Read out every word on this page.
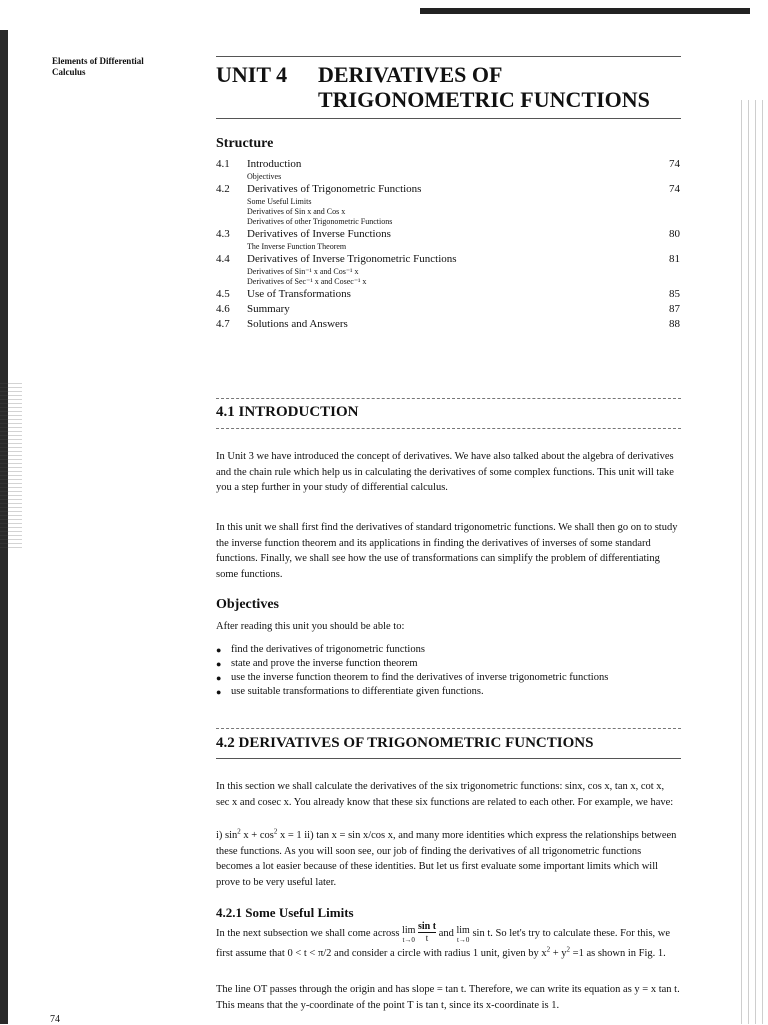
Elements of Differential
Calculus	UNIT 4 DERIVATIVES OF
TRIGONOMETRIC FUNCTIONS
Structure
4.1 Introduction	74
Objectives
4.2 Derivatives of Trigonometric Functions	74
Some Useful Limits
Derivatives of Sin x and Cos x
Derivatives of other Trigonometric Functions
4.3 Derivatives of Inverse Functions	80
The Inverse Function Theorem
4.4 Derivatives of Inverse Trigonometric Functions	81
Derivatives of Sin⁻¹ x and Cos⁻¹ x
Derivatives of Sec⁻¹ x and Cosec⁻¹ x
4.5 Use of Transformations	85
4.6 Summary	87
4.7 Solutions and Answers	88
4.1 INTRODUCTION
In Unit 3 we have introduced the concept of derivatives. We have also talked about the algebra of derivatives and the chain rule which help us in calculating the derivatives of some complex functions. This unit will take you a step further in your study of differential calculus.
In this unit we shall first find the derivatives of standard trigonometric functions. We shall then go on to study the inverse function theorem and its applications in finding the derivatives of inverses of some standard functions. Finally, we shall see how the use of transformations can simplify the problem of differentiating some functions.
Objectives
After reading this unit you should be able to:
● find the derivatives of trigonometric functions
● state and prove the inverse function theorem
● use the inverse function theorem to find the derivatives of inverse trigonometric functions
● use suitable transformations to differentiate given functions.
4.2 DERIVATIVES OF TRIGONOMETRIC FUNCTIONS
In this section we shall calculate the derivatives of the six trigonometric functions: sinx, cos x, tan x, cot x, sec x and cosec x. You already know that these six functions are related to each other. For example, we have:
i) $\sin^2 x + \cos^2 x = 1$ ii) tan x = sin x/cos x, and many more identities which express the relationships between these functions. As you will soon see, our job of finding the derivatives of all trigonometric functions becomes a lot easier because of these identities. But let us first evaluate some important limits which will prove to be very useful later.
4.2.1 Some Useful Limits
In the next subsection we shall come across lim
$t\to 0 \frac{\text{sin t}}{t}$ and lim
t→0 sin t. So let's try to calculate these. For this, we first assume that 0 < t < π/2 and consider a circle with radius 1 unit, given by $x^2 + y^2 =1$ as shown in Fig. 1.
The line OT passes through the origin and has slope = tan t. Therefore, we can write its equation as y = x tan t. This means that the y-coordinate of the point T is tan t, since its x-coordinate is 1.
74
